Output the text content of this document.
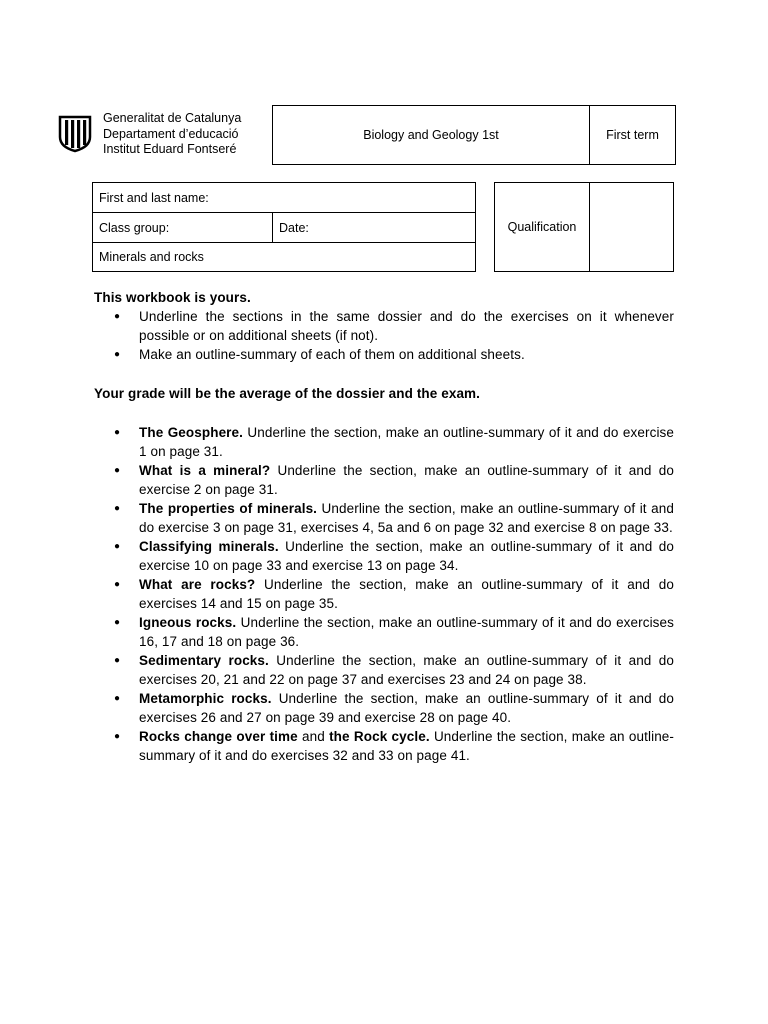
Generalitat de Catalunya
Departament d’educació
Institut Eduard Fontseré
Biology and Geology 1st	First term
First and last name:
Class group:	Date:
Minerals and rocks
Qualification
This workbook is yours.
● Underline the sections in the same dossier and do the exercises on it whenever possible or on additional sheets (if not).
● Make an outline-summary of each of them on additional sheets.
Your grade will be the average of the dossier and the exam.
● The Geosphere. Underline the section, make an outline-summary of it and do exercise 1 on page 31.
● What is a mineral? Underline the section, make an outline-summary of it and do exercise 2 on page 31.
● The properties of minerals. Underline the section, make an outline-summary of it and do exercise 3 on page 31, exercises 4, 5a and 6 on page 32 and exercise 8 on page 33.
● Classifying minerals. Underline the section, make an outline-summary of it and do exercise 10 on page 33 and exercise 13 on page 34.
● What are rocks? Underline the section, make an outline-summary of it and do exercises 14 and 15 on page 35.
● Igneous rocks. Underline the section, make an outline-summary of it and do exercises 16, 17 and 18 on page 36.
● Sedimentary rocks. Underline the section, make an outline-summary of it and do exercises 20, 21 and 22 on page 37 and exercises 23 and 24 on page 38.
● Metamorphic rocks. Underline the section, make an outline-summary of it and do exercises 26 and 27 on page 39 and exercise 28 on page 40.
● Rocks change over time and the Rock cycle. Underline the section, make an outline-summary of it and do exercises 32 and 33 on page 41.
